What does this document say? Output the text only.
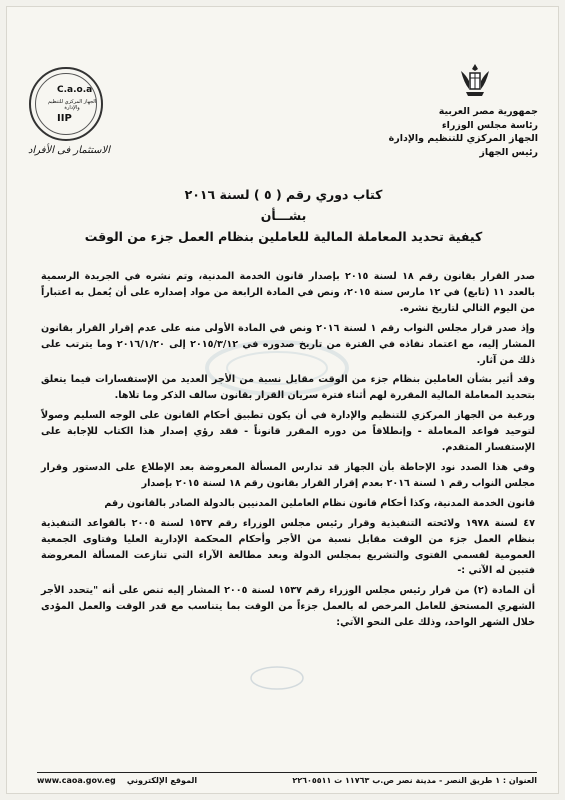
C.a.o.a
الجهاز المركزي للتنظيم والإدارة
IIP
الاستثمار فى الأفراد
جمهورية مصر العربية
رئاسة مجلس الوزراء
الجهاز المركزي للتنظيم والإدارة
رئيس الجهاز
كتاب دوري رقم ( ٥ ) لسنة ٢٠١٦
بشـــأن
كيفية تحديد المعاملة المالية للعاملين بنظام العمل جزء من الوقت

صدر القرار بقانون رقم ١٨ لسنة ٢٠١٥ بإصدار قانون الخدمة المدنية، وتم نشره في الجريدة الرسمية بالعدد ١١ (تابع) في ١٢ مارس سنة ٢٠١٥، ونص في المادة الرابعة من مواد إصداره على أن يُعمل به اعتباراً من اليوم التالي لتاريخ نشره.

وإذ صدر قرار مجلس النواب رقم ١ لسنة ٢٠١٦ ونص في المادة الأولى منه على عدم إقرار القرار بقانون المشار إليه، مع اعتماد نفاذه في الفترة من تاريخ صدوره في ٢٠١٥/٣/١٢ إلى ٢٠١٦/١/٢٠ وما يترتب على ذلك من آثار.

وقد أثير بشأن العاملين بنظام جزء من الوقت مقابل نسبة من الأجر العديد من الإستفسارات فيما يتعلق بتحديد المعاملة المالية المقررة لهم أثناء فترة سريان القرار بقانون سالف الذكر وما تلاها.

ورغبة من الجهاز المركزي للتنظيم والإدارة في أن يكون تطبيق أحكام القانون على الوجه السليم وصولاً لتوحيد قواعد المعاملة - وإنطلاقاً من دوره المقرر قانوناً - فقد رؤي إصدار هذا الكتاب للإجابة على الإستفسار المتقدم.

وفي هذا الصدد نود الإحاطة بأن الجهاز قد تدارس المسألة المعروضة بعد الإطلاع على الدستور وقرار مجلس النواب رقم ١ لسنة ٢٠١٦ بعدم إقرار القرار بقانون رقم ١٨ لسنة ٢٠١٥ بإصدار

قانون الخدمة المدنية، وكذا أحكام قانون نظام العاملين المدنيين بالدولة الصادر بالقانون رقم

٤٧ لسنة ١٩٧٨ ولائحته التنفيذية وقرار رئيس مجلس الوزراء رقم ١٥٣٧ لسنة ٢٠٠٥ بالقواعد التنفيذية بنظام العمل جزء من الوقت مقابل نسبة من الأجر وأحكام المحكمة الإدارية العليا وفتاوى الجمعية العمومية لقسمي الفتوى والتشريع بمجلس الدولة وبعد مطالعة الآراء التي تنازعت المسألة المعروضة فتبين له الآتي :-

أن المادة (٢) من قرار رئيس مجلس الوزراء رقم ١٥٣٧ لسنة ٢٠٠٥ المشار إليه تنص على أنه "يتحدد الأجر الشهري المستحق للعامل المرخص له بالعمل جزءاً من الوقت بما يتناسب مع قدر الوقت والعمل المؤدى خلال الشهر الواحد، وذلك على النحو الآتي:

العنوان : ١ طريق النصر - مدينة نصر ص.ب ١١٧٦٣ ت ٢٢٦٠٥٥١١
www.caoa.gov.eg الموقع الإلكتروني
